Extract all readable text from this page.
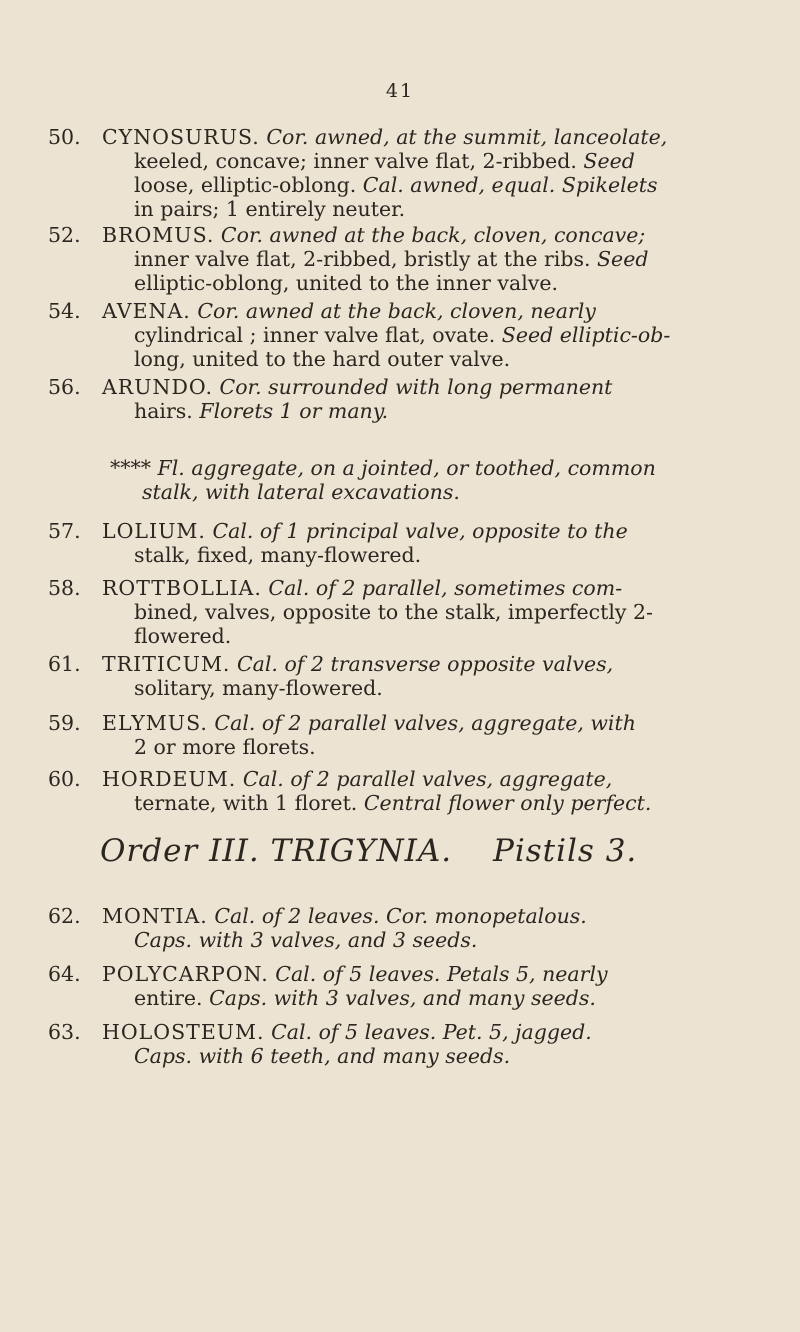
41
50.	CYNOSURUS. Cor. awned, at the summit, lanceolate,
keeled, concave; inner valve flat, 2-ribbed. Seed
loose, elliptic-oblong. Cal. awned, equal. Spikelets
in pairs; 1 entirely neuter.
52.	BROMUS. Cor. awned at the back, cloven, concave;
inner valve flat, 2-ribbed, bristly at the ribs. Seed
elliptic-oblong, united to the inner valve.
54.	AVENA. Cor. awned at the back, cloven, nearly
cylindrical ; inner valve flat, ovate. Seed elliptic-ob-
long, united to the hard outer valve.
56.	ARUNDO. Cor. surrounded with long permanent
hairs. Florets 1 or many.
**** Fl. aggregate, on a jointed, or toothed, common
stalk, with lateral excavations.
57.	LOLIUM. Cal. of 1 principal valve, opposite to the
stalk, fixed, many-flowered.
58.	ROTTBOLLIA. Cal. of 2 parallel, sometimes com-
bined, valves, opposite to the stalk, imperfectly 2-
flowered.
61.	TRITICUM. Cal. of 2 transverse opposite valves,
solitary, many-flowered.
59.	ELYMUS. Cal. of 2 parallel valves, aggregate, with
2 or more florets.
60.	HORDEUM. Cal. of 2 parallel valves, aggregate,
ternate, with 1 floret. Central flower only perfect.
Order III. TRIGYNIA. Pistils 3.
62.	MONTIA. Cal. of 2 leaves. Cor. monopetalous.
Caps. with 3 valves, and 3 seeds.
64.	POLYCARPON. Cal. of 5 leaves. Petals 5, nearly
entire. Caps. with 3 valves, and many seeds.
63.	HOLOSTEUM. Cal. of 5 leaves. Pet. 5, jagged.
Caps. with 6 teeth, and many seeds.
